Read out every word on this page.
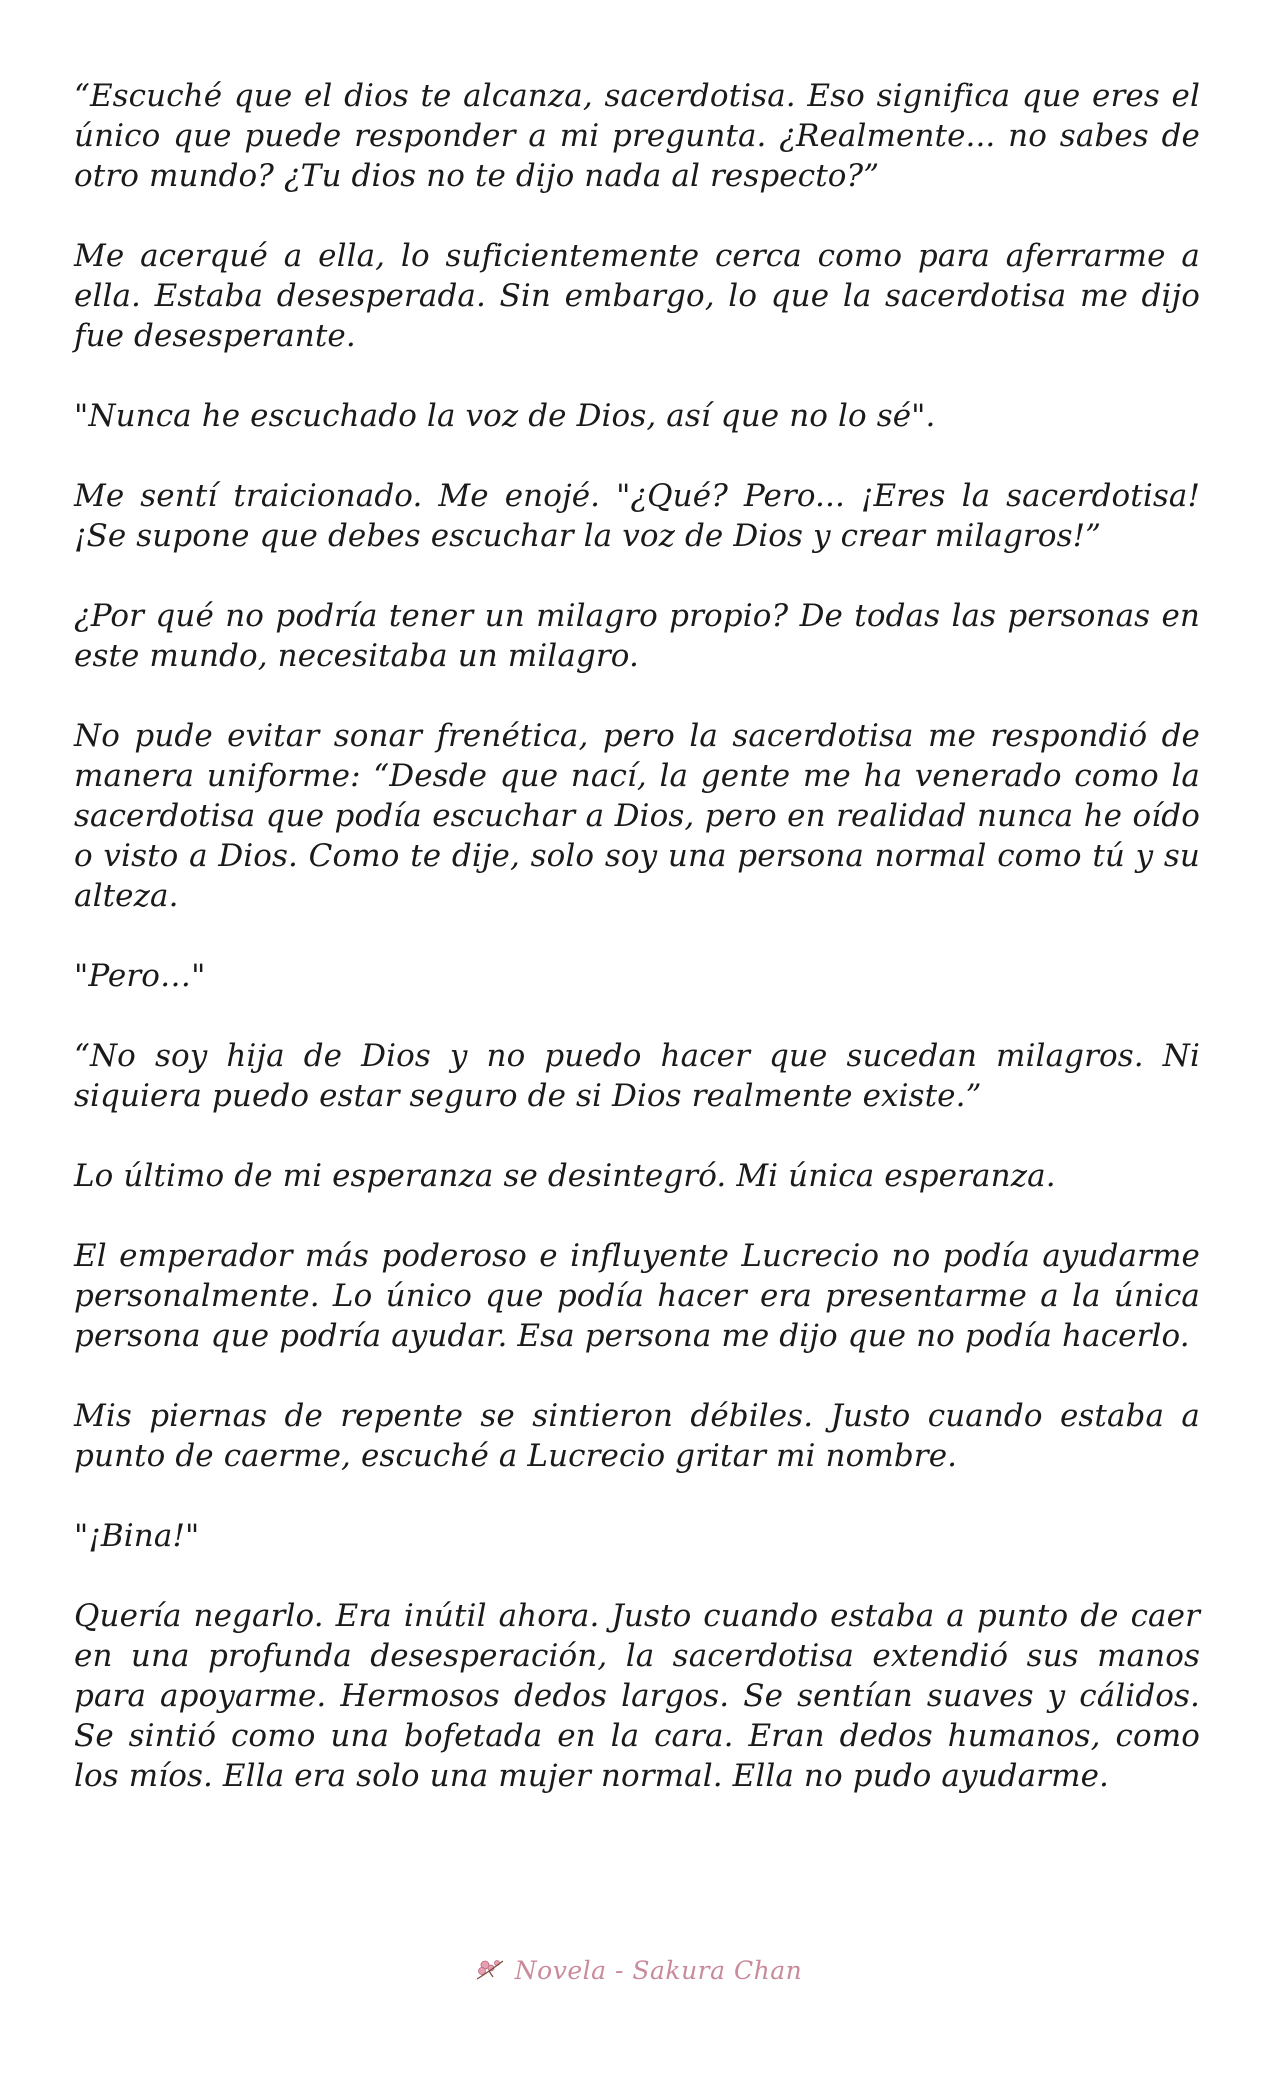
“Escuché que el dios te alcanza, sacerdotisa. Eso significa que eres el único que puede responder a mi pregunta. ¿Realmente... no sabes de otro mundo? ¿Tu dios no te dijo nada al respecto?”

Me acerqué a ella, lo suficientemente cerca como para aferrarme a ella. Estaba desesperada. Sin embargo, lo que la sacerdotisa me dijo fue desesperante.

"Nunca he escuchado la voz de Dios, así que no lo sé".

Me sentí traicionado. Me enojé. "¿Qué? Pero... ¡Eres la sacerdotisa! ¡Se supone que debes escuchar la voz de Dios y crear milagros!”

¿Por qué no podría tener un milagro propio? De todas las personas en este mundo, necesitaba un milagro.

No pude evitar sonar frenética, pero la sacerdotisa me respondió de manera uniforme: “Desde que nací, la gente me ha venerado como la sacerdotisa que podía escuchar a Dios, pero en realidad nunca he oído o visto a Dios. Como te dije, solo soy una persona normal como tú y su alteza.

"Pero…"

“No soy hija de Dios y no puedo hacer que sucedan milagros. Ni siquiera puedo estar seguro de si Dios realmente existe.”

Lo último de mi esperanza se desintegró. Mi única esperanza.

El emperador más poderoso e influyente Lucrecio no podía ayudarme personalmente. Lo único que podía hacer era presentarme a la única persona que podría ayudar. Esa persona me dijo que no podía hacerlo.

Mis piernas de repente se sintieron débiles. Justo cuando estaba a punto de caerme, escuché a Lucrecio gritar mi nombre.

"¡Bina!"

Quería negarlo. Era inútil ahora. Justo cuando estaba a punto de caer en una profunda desesperación, la sacerdotisa extendió sus manos para apoyarme. Hermosos dedos largos. Se sentían suaves y cálidos. Se sintió como una bofetada en la cara. Eran dedos humanos, como los míos. Ella era solo una mujer normal. Ella no pudo ayudarme.

Novela - Sakura Chan
